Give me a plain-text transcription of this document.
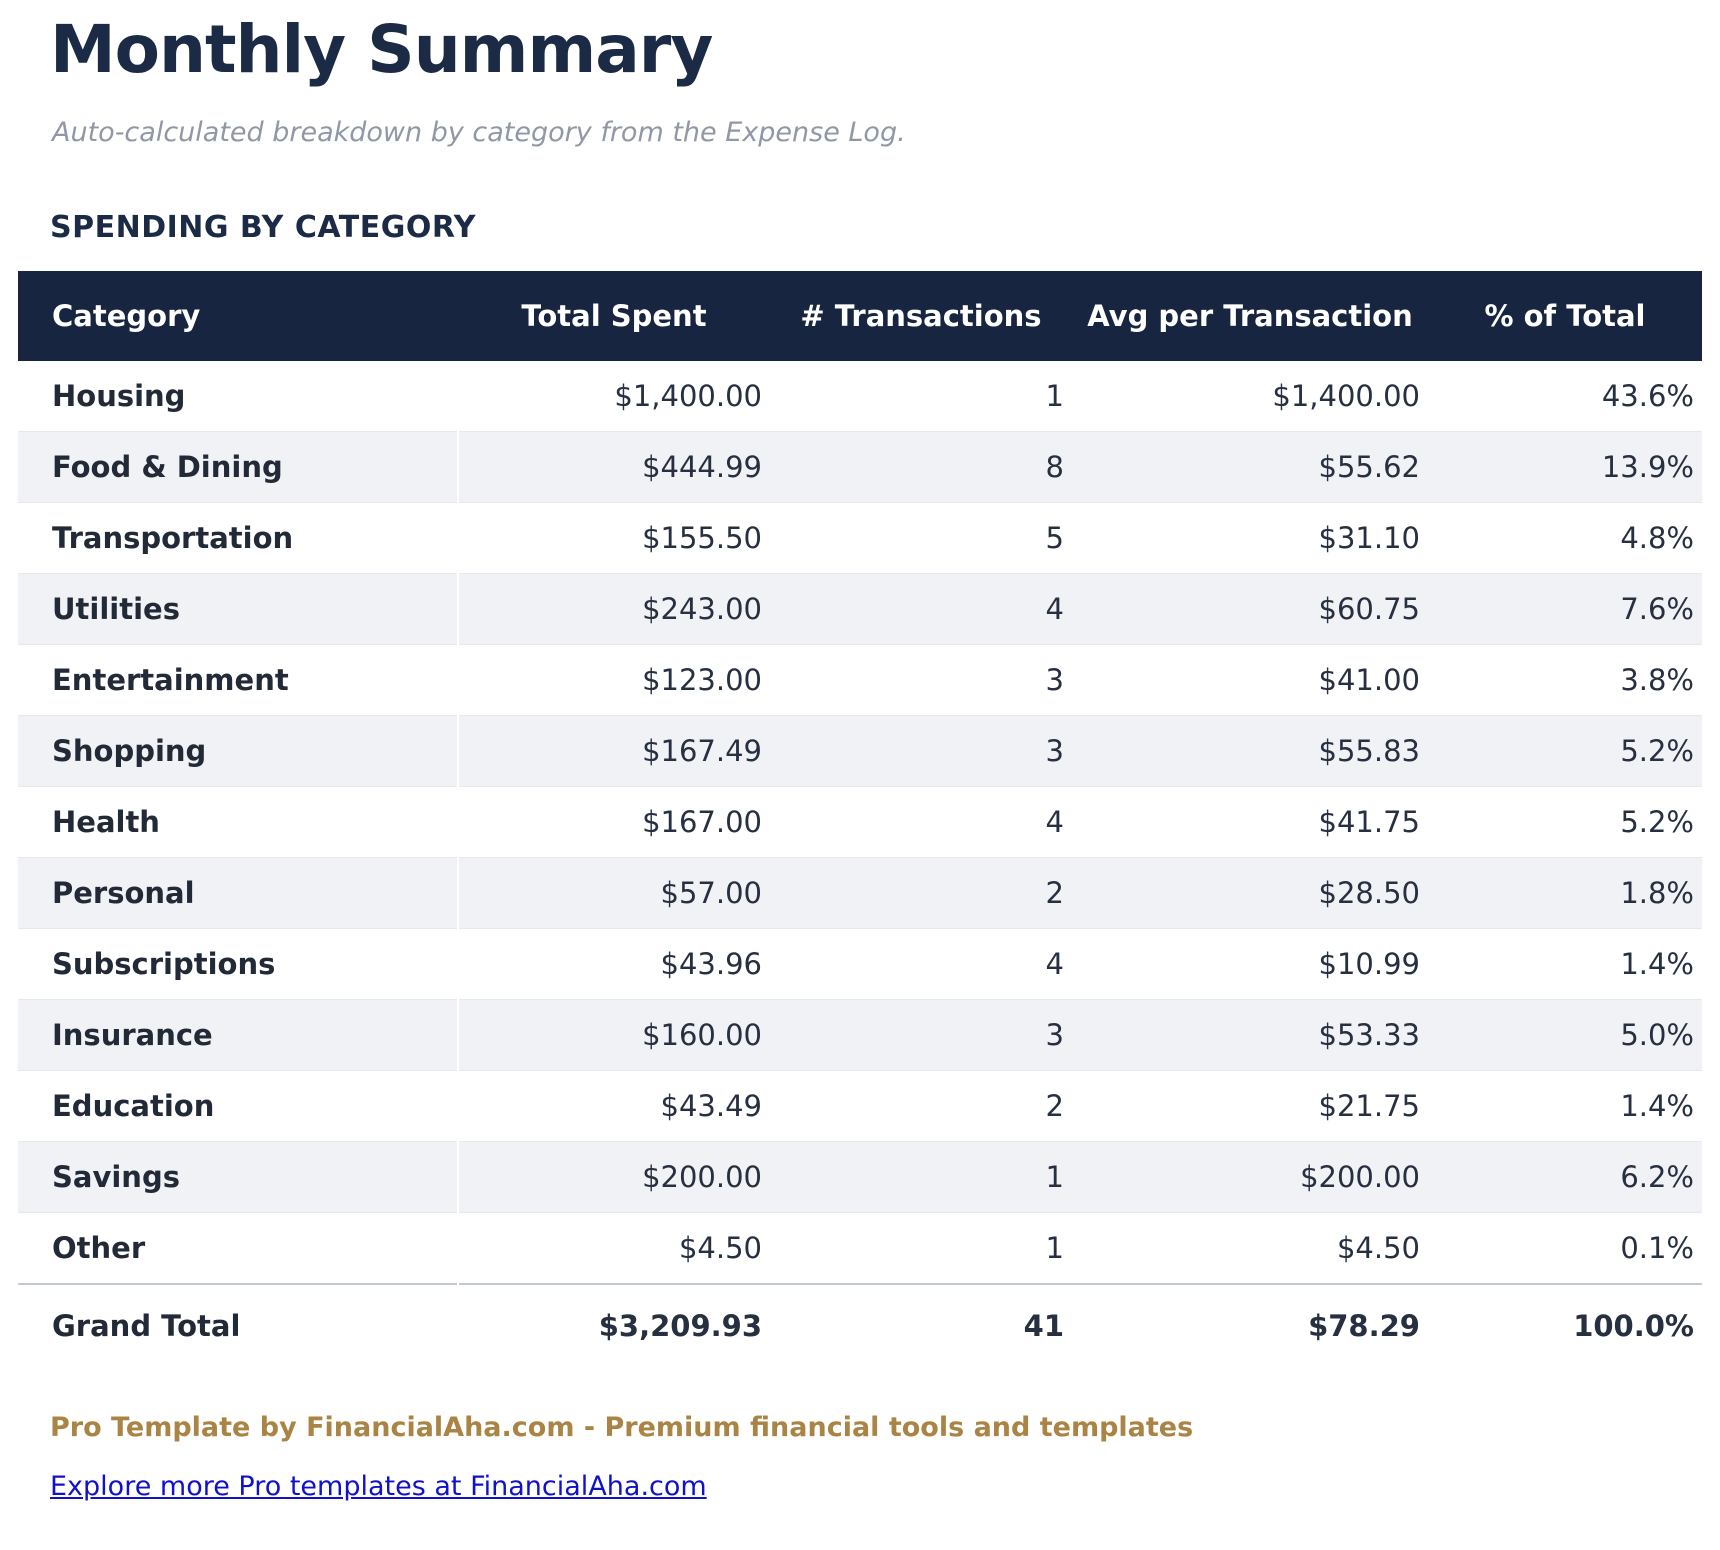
Monthly Summary
Auto-calculated breakdown by category from the Expense Log.
SPENDING BY CATEGORY
Category	Total Spent	# Transactions	Avg per Transaction	% of Total
Housing	$1,400.00	1	$1,400.00	43.6%
Food & Dining	$444.99	8	$55.62	13.9%
Transportation	$155.50	5	$31.10	4.8%
Utilities	$243.00	4	$60.75	7.6%
Entertainment	$123.00	3	$41.00	3.8%
Shopping	$167.49	3	$55.83	5.2%
Health	$167.00	4	$41.75	5.2%
Personal	$57.00	2	$28.50	1.8%
Subscriptions	$43.96	4	$10.99	1.4%
Insurance	$160.00	3	$53.33	5.0%
Education	$43.49	2	$21.75	1.4%
Savings	$200.00	1	$200.00	6.2%
Other	$4.50	1	$4.50	0.1%
Grand Total	$3,209.93	41	$78.29	100.0%
Pro Template by FinancialAha.com - Premium financial tools and templates
Explore more Pro templates at FinancialAha.com
